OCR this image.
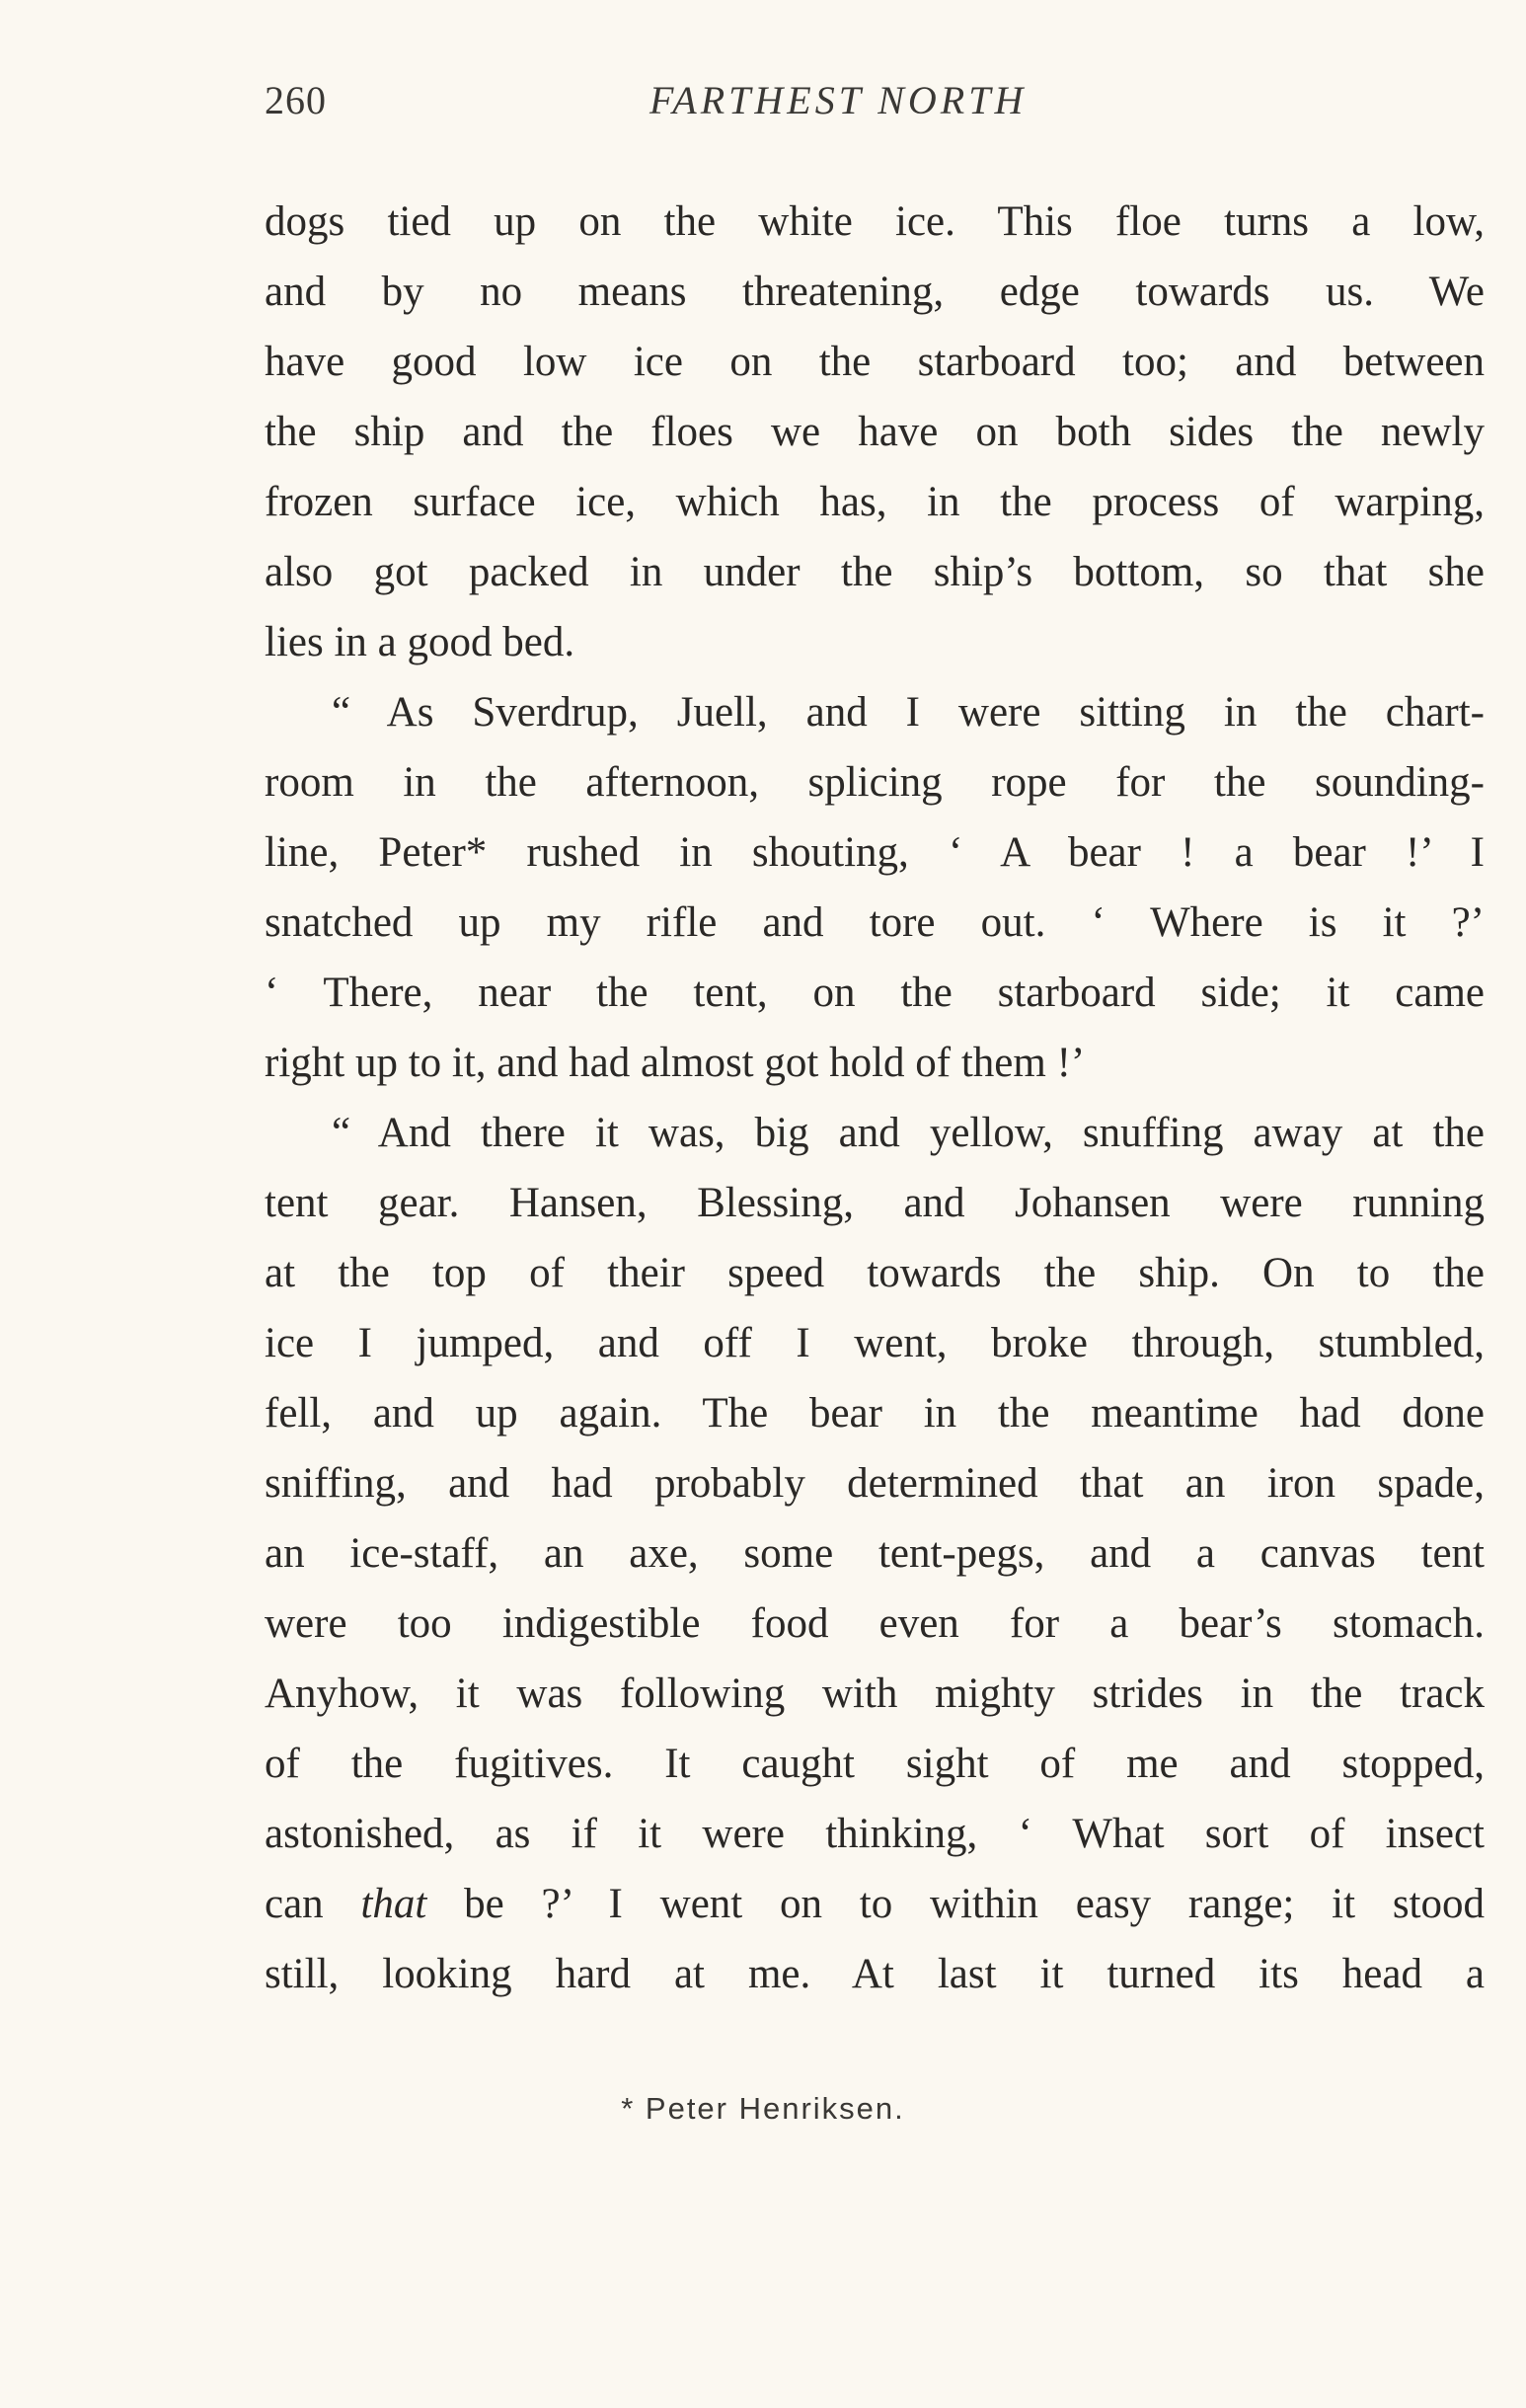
260	FARTHEST NORTH
dogs tied up on the white ice. This floe turns a low,
and by no means threatening, edge towards us. We
have good low ice on the starboard too; and between
the ship and the floes we have on both sides the newly
frozen surface ice, which has, in the process of warping,
also got packed in under the ship’s bottom, so that she
lies in a good bed.
“ As Sverdrup, Juell, and I were sitting in the chart-
room in the afternoon, splicing rope for the sounding-
line, Peter* rushed in shouting, ‘ A bear ! a bear !’ I
snatched up my rifle and tore out. ‘ Where is it ?’
‘ There, near the tent, on the starboard side; it came
right up to it, and had almost got hold of them !’
“ And there it was, big and yellow, snuffing away at the
tent gear. Hansen, Blessing, and Johansen were running
at the top of their speed towards the ship. On to the
ice I jumped, and off I went, broke through, stumbled,
fell, and up again. The bear in the meantime had done
sniffing, and had probably determined that an iron spade,
an ice-staff, an axe, some tent-pegs, and a canvas tent
were too indigestible food even for a bear’s stomach.
Anyhow, it was following with mighty strides in the track
of the fugitives. It caught sight of me and stopped,
astonished, as if it were thinking, ‘ What sort of insect
can that be ?’ I went on to within easy range; it stood
still, looking hard at me. At last it turned its head a
* Peter Henriksen.
